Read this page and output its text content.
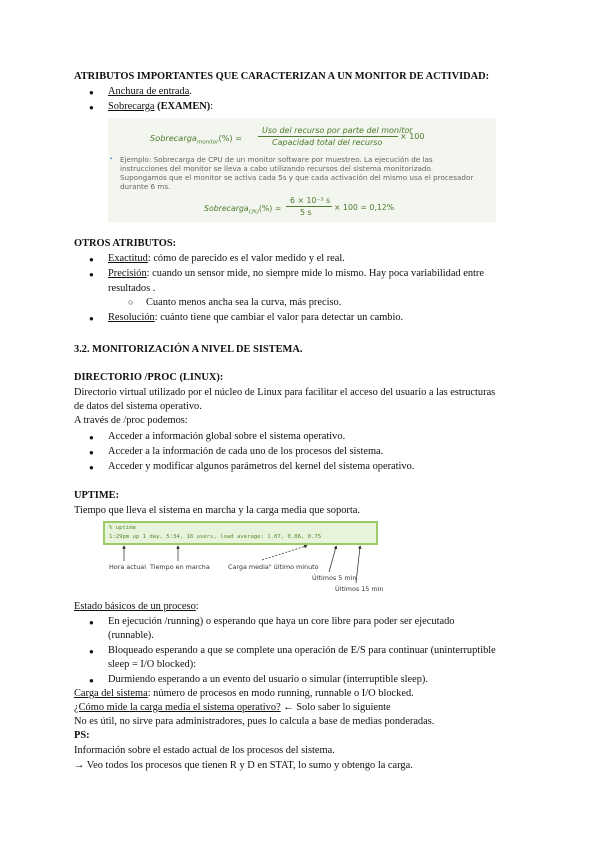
ATRIBUTOS IMPORTANTES QUE CARACTERIZAN A UN MONITOR DE ACTIVIDAD:
● Anchura de entrada.
● Sobrecarga (EXAMEN):
Sobrecarga$_{monitor}$(%) =
Uso del recurso por parte del monitor
Capacidad total del recurso
× 100
• Ejemplo: Sobrecarga de CPU de un monitor software por muestreo. La ejecución de las
instrucciones del monitor se lleva a cabo utilizando recursos del sistema monitorizado.
Supongamos que el monitor se activa cada 5s y que cada activación del mismo usa el procesador
durante 6 ms.
Sobrecarga$_{CPU}$(%) =
6 × 10⁻³ s
5 s
× 100 = 0,12%
OTROS ATRIBUTOS:
● Exactitud: cómo de parecido es el valor medido y el real.
● Precisión: cuando un sensor mide, no siempre mide lo mismo. Hay poca variabilidad entre
resultados .
○ Cuanto menos ancha sea la curva, más preciso.
● Resolución: cuánto tiene que cambiar el valor para detectar un cambio.
3.2. MONITORIZACIÓN A NIVEL DE SISTEMA.
DIRECTORIO /PROC (LINUX):
Directorio virtual utilizado por el núcleo de Linux para facilitar el acceso del usuario a las estructuras
de datos del sistema operativo.
A través de /proc podemos:
● Acceder a información global sobre el sistema operativo.
● Acceder a la información de cada uno de los procesos del sistema.
● Acceder y modificar algunos parámetros del kernel del sistema operativo.
UPTIME:
Tiempo que lleva el sistema en marcha y la carga media que soporta.
% uptime
1:29pm up 1 day, 5:34, 18 users, load average: 1.07, 0.86, 0.75
Hora actual Tiempo en marcha	Carga media" último minuto
Últimos 5 min
Últimos 15 min
Estado básicos de un proceso:
● En ejecución /running) o esperando que haya un core libre para poder ser ejecutado
(runnable).
● Bloqueado esperando a que se complete una operación de E/S para continuar (uninterruptible
sleep = I/O blocked):
● Durmiendo esperando a un evento del usuario o simular (interruptible sleep).
Carga del sistema: número de procesos en modo running, runnable o I/O blocked.
¿Cómo mide la carga media el sistema operativo? ← Solo saber lo siguiente
No es útil, no sirve para administradores, pues lo calcula a base de medias ponderadas.
PS:
Información sobre el estado actual de los procesos del sistema.
→ Veo todos los procesos que tienen R y D en STAT, lo sumo y obtengo la carga.
